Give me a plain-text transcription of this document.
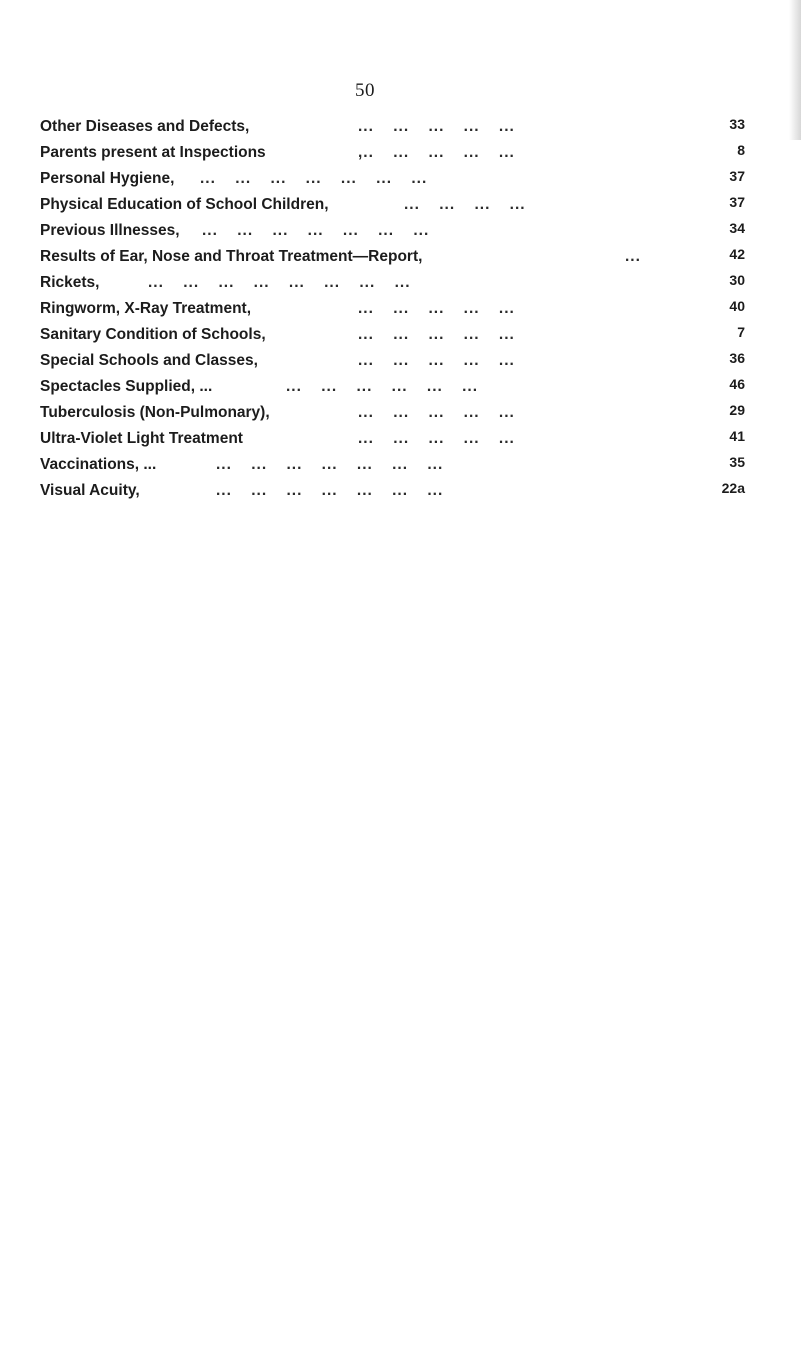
50
Other Diseases and Defects,	... ... ... ... ...	33
Parents present at Inspections	,.. ... ... ... ...	8
Personal Hygiene, ... ... ... ... ... ... ...	37
Physical Education of School Children,	... ... ... ...	37
Previous Illnesses, ... ... ... ... ... ... ...	34
Results of Ear, Nose and Throat Treatment—Report,	...	42
Rickets,	... ... ... ... ... ... ... ...	30
Ringworm, X-Ray Treatment,	... ... ... ... ...	40
Sanitary Condition of Schools,	... ... ... ... ...	7
Special Schools and Classes,	... ... ... ... ...	36
Spectacles Supplied, ...	... ... ... ... ... ...	46
Tuberculosis (Non-Pulmonary),	... ... ... ... ...	29
Ultra-Violet Light Treatment	... ... ... ... ...	41
Vaccinations, ...	... ... ... ... ... ... ...	35
Visual Acuity,	... ... ... ... ... ... ...	22a
